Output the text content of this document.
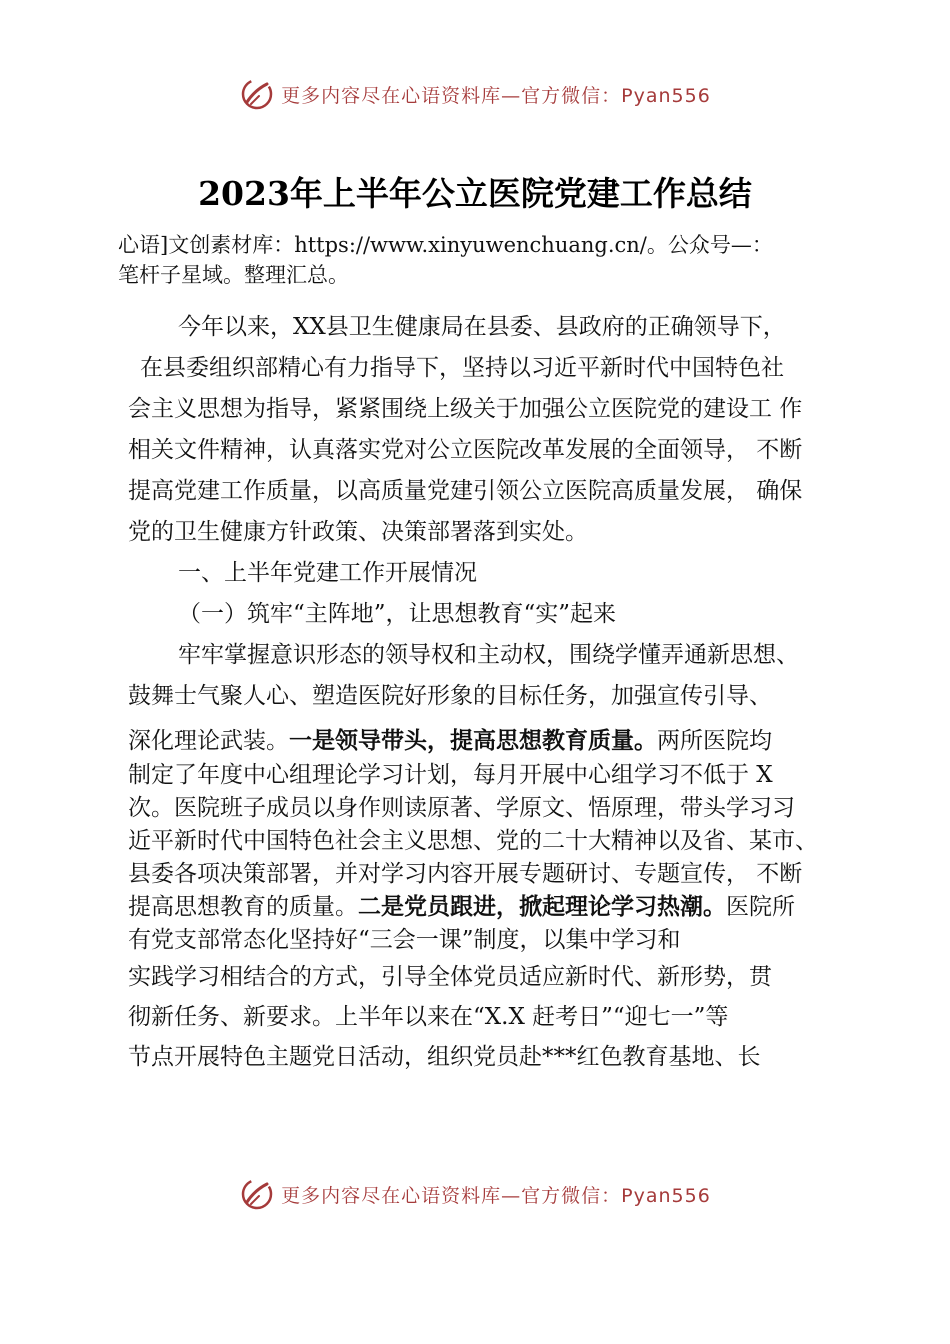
更多内容尽在心语资料库—官方微信：Pyan556
2023年上半年公立医院党建工作总结
心语]文创素材库：https://www.xinyuwenchuang.cn/。公众号—：
笔杆子星域。整理汇总。
今年以来，XX县卫生健康局在县委、县政府的正确领导下，
在县委组织部精心有力指导下，坚持以习近平新时代中国特色社
会主义思想为指导，紧紧围绕上级关于加强公立医院党的建设工 作
相关文件精神，认真落实党对公立医院改革发展的全面领导， 不断
提高党建工作质量，以高质量党建引领公立医院高质量发展， 确保
党的卫生健康方针政策、决策部署落到实处。
一、上半年党建工作开展情况
（一）筑牢“主阵地”，让思想教育“实”起来
牢牢掌握意识形态的领导权和主动权，围绕学懂弄通新思想、
鼓舞士气聚人心、塑造医院好形象的目标任务，加强宣传引导、
深化理论武装。一是领导带头，提高思想教育质量。两所医院均
制定了年度中心组理论学习计划，每月开展中心组学习不低于 X
次。医院班子成员以身作则读原著、学原文、悟原理，带头学习习
近平新时代中国特色社会主义思想、党的二十大精神以及省、某市、
县委各项决策部署，并对学习内容开展专题研讨、专题宣传， 不断
提高思想教育的质量。二是党员跟进，掀起理论学习热潮。医院所
有党支部常态化坚持好“三会一课”制度，以集中学习和
实践学习相结合的方式，引导全体党员适应新时代、新形势，贯
彻新任务、新要求。上半年以来在“X.X 赶考日”“迎七一”等
节点开展特色主题党日活动，组织党员赴***红色教育基地、长
更多内容尽在心语资料库—官方微信：Pyan556
